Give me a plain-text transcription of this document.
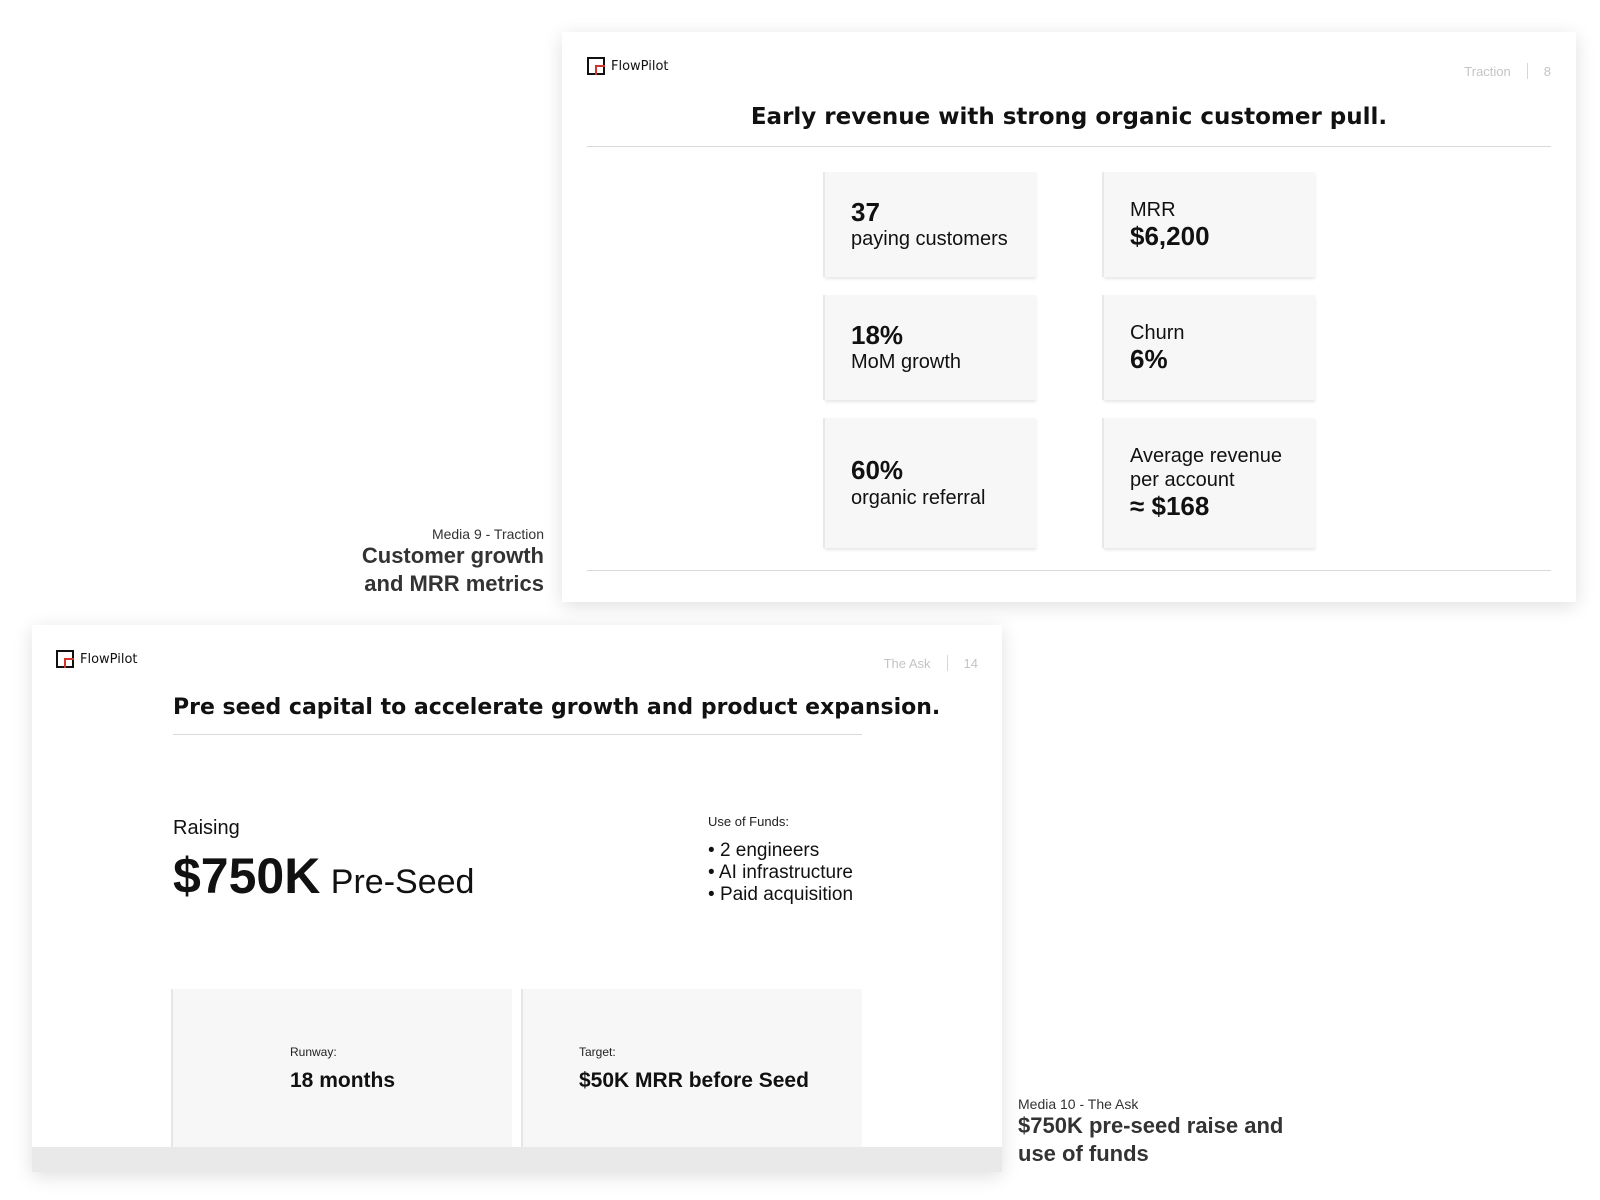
Media 9 - Traction
Customer growth
and MRR metrics
FlowPilot	Traction	8
Early revenue with strong organic customer pull.
37
paying customers
MRR
$6,200
18%
MoM growth
Churn
6%
60%
organic referral
Average revenue
per account
≈ $168
FlowPilot	The Ask	14
Pre seed capital to accelerate growth and product expansion.
Raising
$750K Pre-Seed
Use of Funds:
• 2 engineers
• AI infrastructure
• Paid acquisition
Runway:
18 months
Target:
$50K MRR before Seed
Media 10 - The Ask
$750K pre-seed raise and
use of funds
